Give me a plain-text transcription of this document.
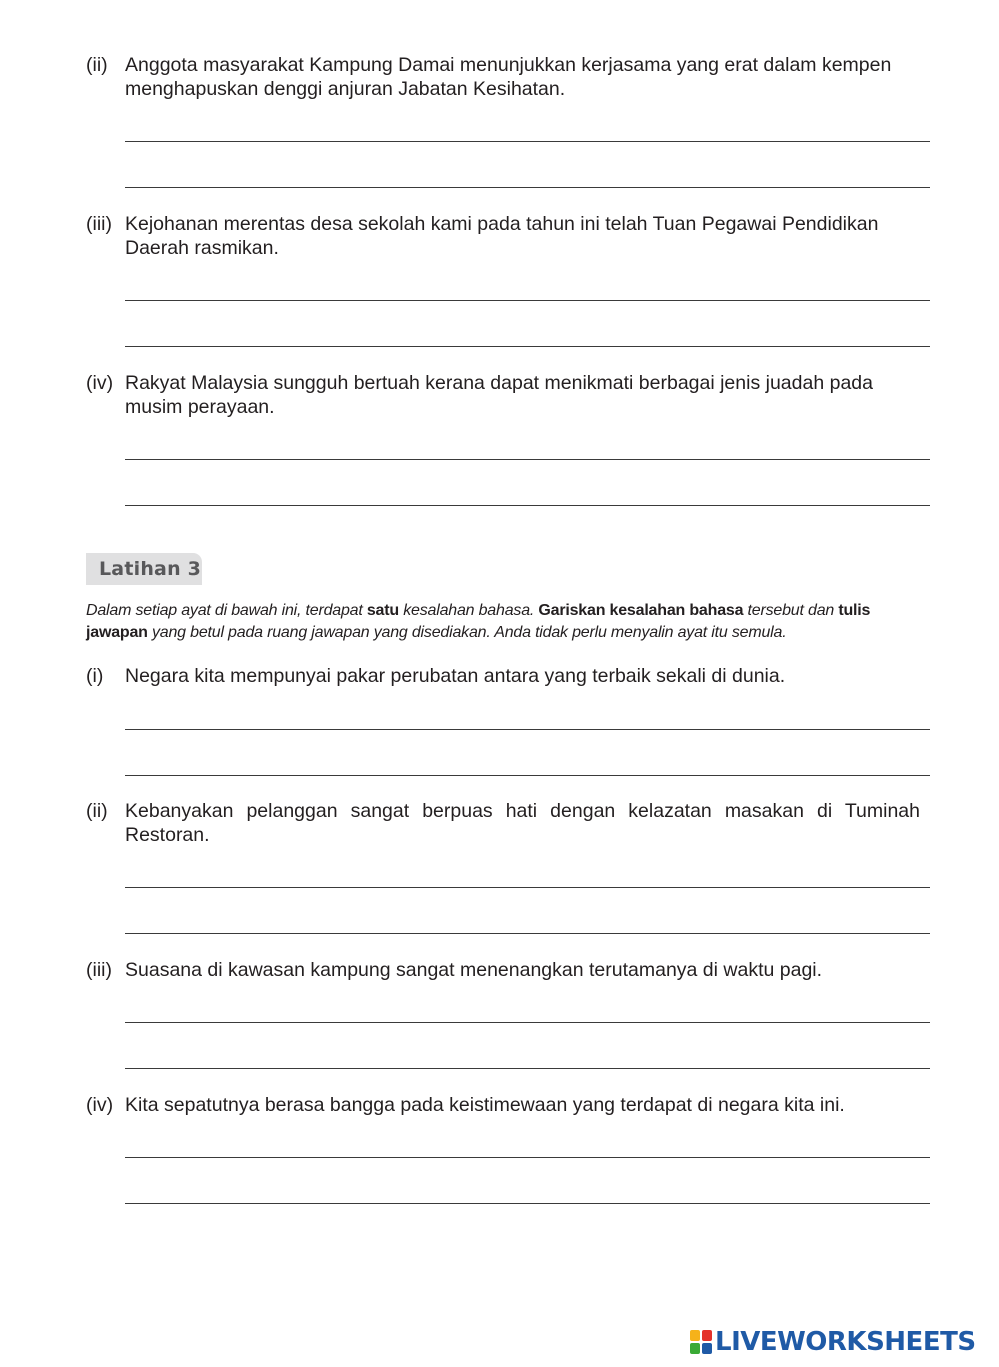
(ii) Anggota masyarakat Kampung Damai menunjukkan kerjasama yang erat dalam kempen menghapuskan denggi anjuran Jabatan Kesihatan.
(iii) Kejohanan merentas desa sekolah kami pada tahun ini telah Tuan Pegawai Pendidikan Daerah rasmikan.
(iv) Rakyat Malaysia sungguh bertuah kerana dapat menikmati berbagai jenis juadah pada musim perayaan.
Latihan 3
Dalam setiap ayat di bawah ini, terdapat satu kesalahan bahasa. Gariskan kesalahan bahasa tersebut dan tulis jawapan yang betul pada ruang jawapan yang disediakan. Anda tidak perlu menyalin ayat itu semula.
(i) Negara kita mempunyai pakar perubatan antara yang terbaik sekali di dunia.
(ii) Kebanyakan pelanggan sangat berpuas hati dengan kelazatan masakan di Tuminah Restoran.
(iii) Suasana di kawasan kampung sangat menenangkan terutamanya di waktu pagi.
(iv) Kita sepatutnya berasa bangga pada keistimewaan yang terdapat di negara kita ini.
LIVEWORKSHEETS
